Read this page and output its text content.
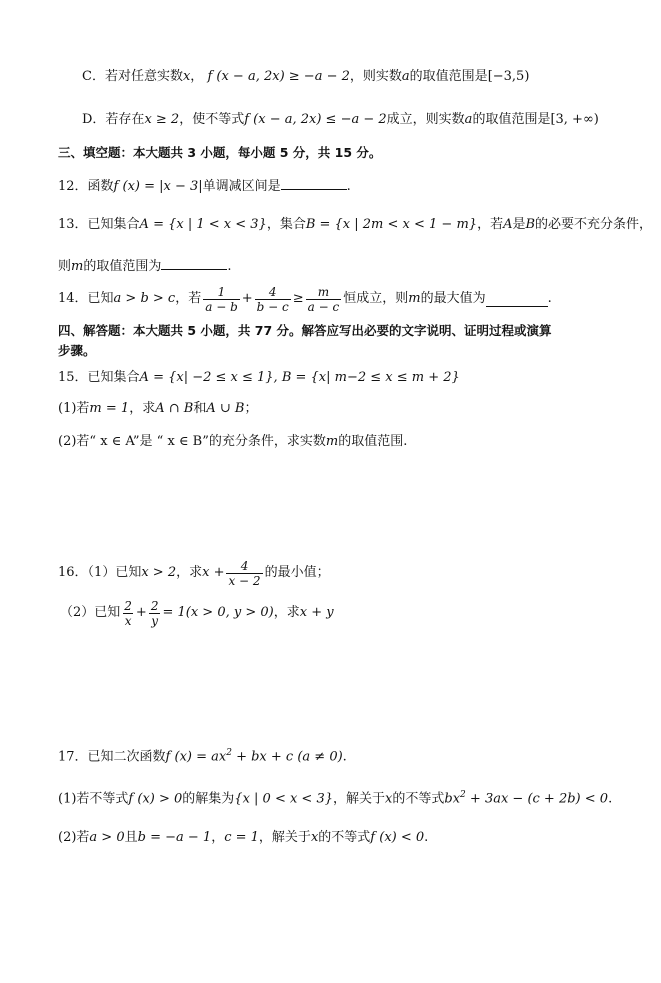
C．若对任意实数x， f (x − a, 2x) ≥ −a − 2，则实数a的取值范围是[−3,5)
D．若存在x ≥ 2，使不等式f (x − a, 2x) ≤ −a − 2成立，则实数a的取值范围是[3, +∞)
三、填空题：本大题共 3 小题，每小题 5 分，共 15 分。
12．函数f (x) = |x − 3|单调减区间是	.
13．已知集合A = {x | 1 < x < 3}，集合B = {x | 2m < x < 1 − m}，若A是B的必要不充分条件，
则m的取值范围为	.
14．已知 a > b > c ，若 $\frac{1}{a - b} + \frac{4}{b - c} \ge \frac{m}{a - c}$ 恒成立，则 m 的最大值为	.
四、解答题：本大题共 5 小题，共 77 分。解答应写出必要的文字说明、证明过程或演算
步骤。
15．已知集合A = {x| −2 ≤ x ≤ 1}, B = {x| m−2 ≤ x ≤ m + 2}
(1)若m = 1，求A ∩ B和A ∪ B；
(2)若“ x ∈ A”是 “ x ∈ B”的充分条件，求实数m的取值范围.
16．（1）已知 x > 2 ，求 $x + \frac{4}{x - 2}$ 的最小值；
（2）已知 $\frac{2}{x} + \frac{2}{y} = 1(x > 0$, y > 0) ，求 x + y
17．已知二次函数f $(x) = ax^2$ + bx + c (a ≠ 0).
(1)若不等式f (x) > 0的解集为{x | 0 < x < 3}，解关于x的不等式$bx^2 + 3ax - (c + 2b) < 0$.
(2)若a > 0且b = −a − 1，c = 1，解关于x的不等式f (x) < 0.
